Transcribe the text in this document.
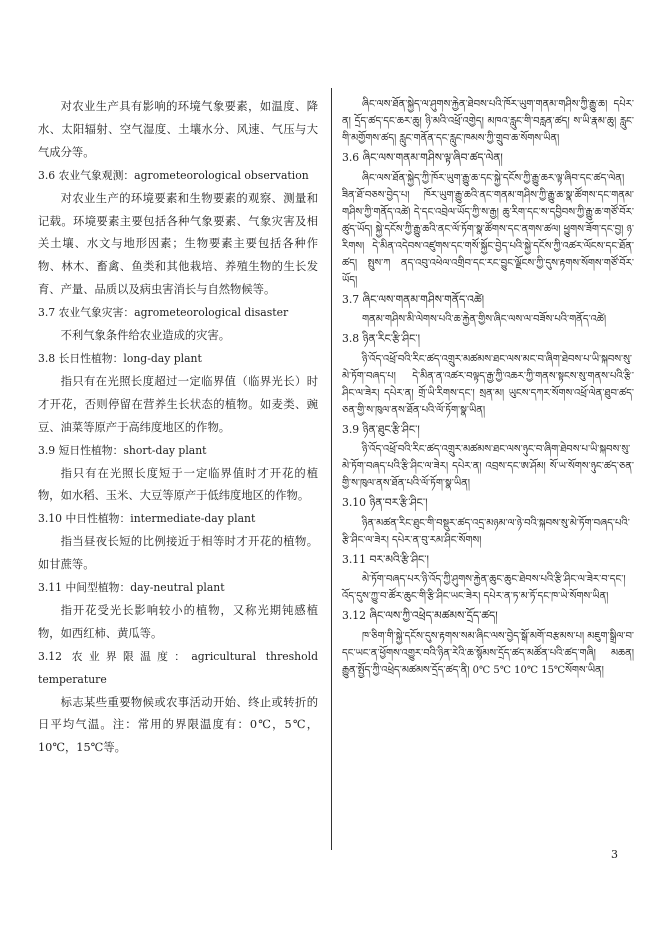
对农业生产具有影响的环境气象要素，如温度、降水、太阳辐射、空气湿度、土壤水分、风速、气压与大气成分等。

3.6 农业气象观测：agrometeorological observation

对农业生产的环境要素和生物要素的观察、测量和记载。环境要素主要包括各种气象要素、气象灾害及相关土壤、水文与地形因素；生物要素主要包括各种作物、林木、畜禽、鱼类和其他栽培、养殖生物的生长发育、产量、品质以及病虫害消长与自然物候等。

3.7 农业气象灾害：agrometeorological disaster

不利气象条件给农业造成的灾害。

3.8 长日性植物：long-day plant

指只有在光照长度超过一定临界值（临界光长）时才开花，否则停留在营养生长状态的植物。如麦类、豌豆、油菜等原产于高纬度地区的作物。

3.9 短日性植物：short-day plant

指只有在光照长度短于一定临界值时才开花的植物，如水稻、玉米、大豆等原产于低纬度地区的作物。

3.10 中日性植物：intermediate-day plant

指当昼夜长短的比例接近于相等时才开花的植物。如甘蔗等。

3.11 中间型植物：day-neutral plant

指开花受光长影响较小的植物，又称光期钝感植物，如西红柿、黄瓜等。

3.12 农业界限温度：agricultural threshold temperature

标志某些重要物候或农事活动开始、终止或转折的日平均气温。注：常用的界限温度有：0℃，5℃，10℃，15℃等。

ཞིང་ལས་ཐོན་སྐྱེད་ལ་ཤུགས་རྐྱེན་ཐེབས་པའི་ཁོར་ཡུག་གནམ་གཤིས་ཀྱི་རྒྱུ་ཆ། དཔེར་ན། དྲོད་ཚད་དང་ཆར་ཆུ། ཉི་མའི་འཕྲོ་འགྱེད། མཁའ་རླུང་གི་བརླན་ཚད། ས་ཡི་རྣམ་ཆུ། རླུང་གི་མགྱོགས་ཚད། རླུང་གནོན་དང་རླུང་ཁམས་ཀྱི་གྲུབ་ཆ་སོགས་ཡིན།

3.6 ཞིང་ལས་གནམ་གཤིས་ལྟ་ཞིབ་ཚད་ལེན།

ཞིང་ལས་ཐོན་སྐྱེད་ཀྱི་ཁོར་ཡུག་རྒྱུ་ཆ་དང་སྐྱེ་དངོས་ཀྱི་རྒྱུ་ཆར་ལྟ་ཞིབ་དང་ཚད་ལེན། ཟིན་ཐོ་བཅས་བྱེད་པ། ཁོར་ཡུག་རྒྱུ་ཆའི་ནང་གནམ་གཤིས་ཀྱི་རྒྱུ་ཆ་སྣ་ཚོགས་དང་གནམ་གཤིས་ཀྱི་གནོད་འཚེ། དེ་དང་འབྲེལ་ཡོད་ཀྱི་ས་རྒྱ། ཆུ་རིག་དང་ས་དབྱིབས་ཀྱི་རྒྱུ་ཆ་གཙོ་བོར་ཚུད་ཡོད། སྐྱེ་དངོས་ཀྱི་རྒྱུ་ཆའི་ནང་ལོ་ཏོག་སྣ་ཚོགས་དང་ནགས་ཚལ། ཕྱུགས་ཟོག་དང་བྱ། ཉ་རིགས། དེ་མིན་འདེབས་འཛུགས་དང་གསོ་སྐྱོང་བྱེད་པའི་སྐྱེ་དངོས་ཀྱི་འཚར་ལོངས་དང་ཐོན་ཚད། སྤུས་ཀ ནད་འབུ་འཕེལ་འགྲིབ་དང་རང་བྱུང་ལྗོངས་ཀྱི་དུས་རྟགས་སོགས་གཙོ་བོར་ཡོད།

3.7 ཞིང་ལས་གནམ་གཤིས་གནོད་འཚེ།

གནམ་གཤིས་མི་ལེགས་པའི་ཆ་རྐྱེན་གྱིས་ཞིང་ལས་ལ་བཟོས་པའི་གནོད་འཚེ།

3.8 ཉིན་རིང་རྩི་ཤིང་།

ཉི་འོད་འཕྲོ་བའི་རིང་ཚད་འགྲུར་མཚམས་ཐང་ལས་མང་བ་ཞིག་ཐེབས་པ་ཡི་སྐབས་སུ་མེ་ཏོག་བཞད་པ། དེ་མིན་ན་འཚར་བལྟད་རྒྱ་ཀྱི་འཆར་ཀྱི་གནས་སྟངས་སུ་གནས་པའི་རྩི་ཤིང་ལ་ཟེར། དཔེར་ན། གྲོ་ཡི་རིགས་དང་། སྲན་མ། ཡུངས་དཀར་སོགས་འཕྲོ་ལེན་ཐུབ་ཚད་ཅན་གྱི་ས་ཁུལ་ནས་ཐོན་པའི་ལོ་ཏོག་སྣ་ཡིན།

3.9 ཉིན་ཐུང་རྩི་ཤིང་།

ཉི་འོད་འཕྲོ་བའི་རིང་ཚད་འགྲུར་མཚམས་ཐང་ལས་ཉུང་བ་ཞིག་ཐེབས་པ་ཡི་སྐབས་སུ་མེ་ཏོག་བཞད་པའི་རྩི་ཤིང་ལ་ཟེར། དཔེར་ན། འབྲས་དང་ཨ་ཤོམ། སོ་ཡ་སོགས་ཉུང་ཚད་ཅན་གྱི་ས་ཁུལ་ནས་ཐོན་པའི་ལོ་ཏོག་སྣ་ཡིན།

3.10 ཉིན་བར་རྩི་ཤིང་།

ཉིན་མཚན་རིང་ཐུང་གི་བསྡུར་ཚད་འདྲ་མཉམ་ལ་ཉེ་བའི་སྐབས་སུ་མེ་ཏོག་བཞད་པའི་རྩི་ཤིང་ལ་ཟེར། དཔེར་ན་བུ་རམ་ཤིང་སོགས།

3.11 བར་མའི་རྩི་ཤིང་།

མེ་ཏོག་བཞད་པར་ཉི་འོད་ཀྱི་ཤུགས་རྐྱེན་ཆུང་ཆུང་ཐེབས་པའི་རྩི་ཤིང་ལ་ཟེར་བ་དང་། འོད་དུས་ཀྱུ་བ་ཚོར་ཆུང་གི་རྩི་ཤིང་ཡང་ཟེར། དཔེར་ན་ཏ་མ་ཏོ་དང་ཁ་ཡེ་སོགས་ཡིན།

3.12 ཞིང་ལས་ཀྱི་འཕྲེད་མཚམས་དྲོད་ཚད།

ཁ་ཅིག་གི་སྐྱེ་དངོས་དུས་རྟགས་སམ་ཞིང་ལས་བྱེད་སྒོ་མགོ་བརྩམས་པ། མཇུག་སྒྲིལ་བ་དང་ཡང་ན་ཕྱོགས་འགྱུར་བའི་ཉིན་རེའི་ཆ་སྙོམས་དྲོད་ཚད་མཚོན་པའི་ཚད་གཞི། མཆན། རྒྱུན་སྤྱོད་ཀྱི་འཕྲེད་མཚམས་དྲོད་ཚད་ནི། 0℃ 5℃ 10℃ 15℃སོགས་ཡིན།

3
